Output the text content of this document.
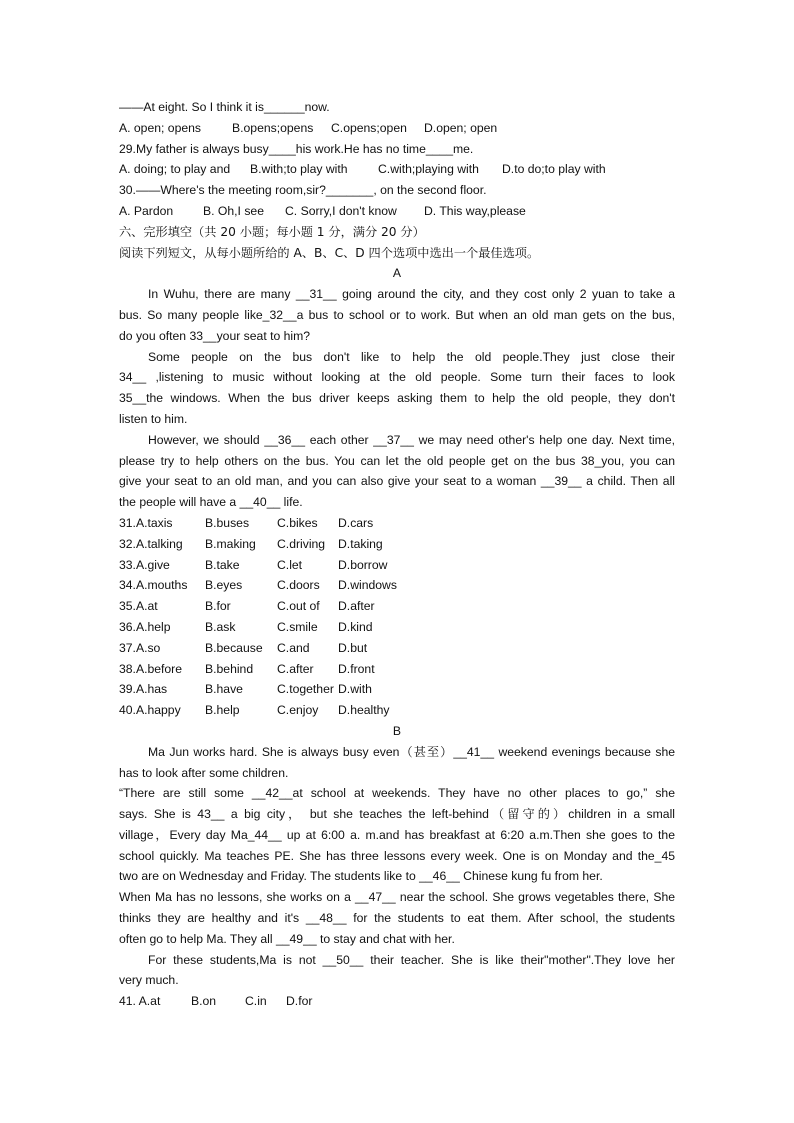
——At eight. So I think it is______now.
A. open; opens	B.opens;opens	C.opens;open	D.open; open
29.My father is always busy____his work.He has no time____me.
A. doing; to play and	B.with;to play with	C.with;playing with	D.to do;to play with
30.——Where's the meeting room,sir?_______, on the second floor.
A. Pardon	B. Oh,I see	C. Sorry,I don't know	D. This way,please
六、完形填空（共 20 小题；每小题 1 分，满分 20 分）
阅读下列短文，从每小题所给的 A、B、C、D 四个选项中选出一个最佳选项。
A
In Wuhu, there are many __31__ going around the city, and they cost only 2 yuan to take a
bus. So many people like_32__a bus to school or to work. But when an old man gets on the bus,
do you often 33__your seat to him?
Some people on the bus don't like to help the old people.They just close their
34__ ,listening to music without looking at the old people. Some turn their faces to look
35__the windows. When the bus driver keeps asking them to help the old people, they don't
listen to him.
However, we should __36__ each other __37__ we may need other's help one day. Next time,
please try to help others on the bus. You can let the old people get on the bus 38_you, you can
give your seat to an old man, and you can also give your seat to a woman __39__ a child. Then all
the people will have a __40__ life.
31.A.taxis	B.buses	C.bikes	D.cars
32.A.talking	B.making	C.driving	D.taking
33.A.give	B.take	C.let	D.borrow
34.A.mouths	B.eyes	C.doors	D.windows
35.A.at	B.for	C.out of	D.after
36.A.help	B.ask	C.smile	D.kind
37.A.so	B.because	C.and	D.but
38.A.before	B.behind	C.after	D.front
39.A.has	B.have	C.together D.with
40.A.happy	B.help	C.enjoy	D.healthy
B
Ma Jun works hard. She is always busy even（甚至）__41__ weekend evenings because she
has to look after some children.
“There are still some __42__at school at weekends. They have no other places to go,” she
says. She is 43__ a big city， but she teaches the left-behind（留守的）children in a small
village，Every day Ma_44__ up at 6:00 a. m.and has breakfast at 6:20 a.m.Then she goes to the
school quickly. Ma teaches PE. She has three lessons every week. One is on Monday and the_45
two are on Wednesday and Friday. The students like to __46__ Chinese kung fu from her.
When Ma has no lessons, she works on a __47__ near the school. She grows vegetables there, She
thinks they are healthy and it's __48__ for the students to eat them. After school, the students
often go to help Ma. They all __49__ to stay and chat with her.
For these students,Ma is not __50__ their teacher. She is like their"mother".They love her
very much.
41. A.at	B.on	C.in	D.for
